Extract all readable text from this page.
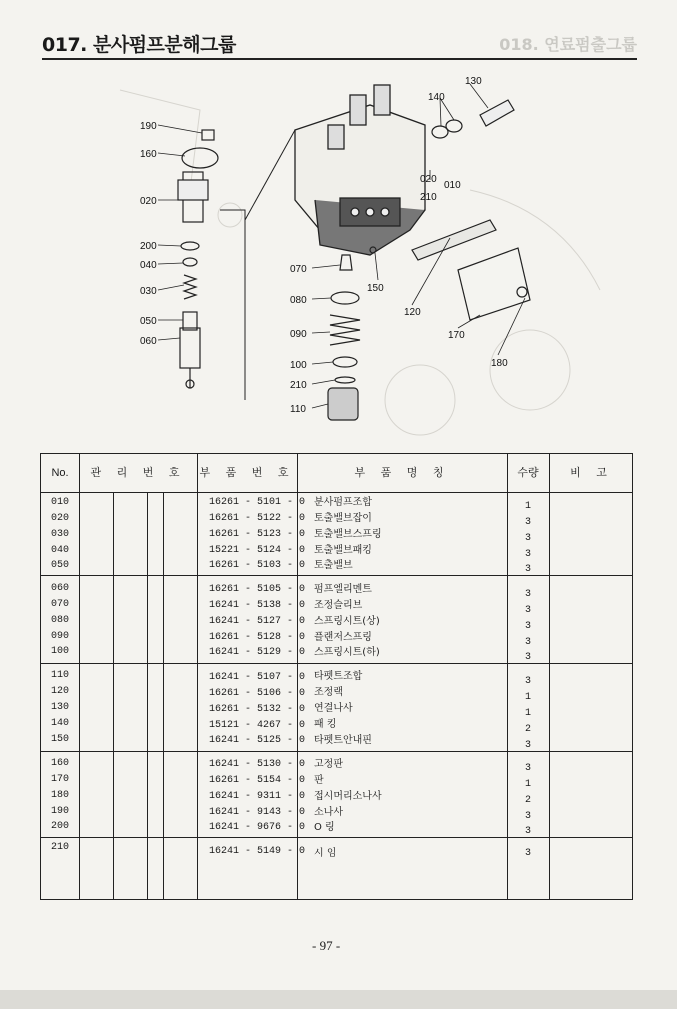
017. 분사펌프분해그룹	018. 연료펌출그룹
190
160
020
200
040
030
050
060
070
080
090
100
210
110
150
120
170
180
140
130
020
010
210
No.	관 리 번 호	부 품 번 호	부 품 명 칭	수량	비 고
010	16261 - 5101 - 0 분사펌프조합	1
020	16261 - 5122 - 0 토출밸브잡이	3
030	16261 - 5123 - 0 토출밸브스프링	3
040	15221 - 5124 - 0 토출밸브패킹	3
050	16261 - 5103 - 0 토출밸브	3
060	16261 - 5105 - 0 펌프엘리멘트	3
070	16241 - 5138 - 0 조정슬리브	3
080	16241 - 5127 - 0 스프링시트(상)	3
090	16261 - 5128 - 0 플랜저스프링	3
100	16241 - 5129 - 0 스프링시트(하)	3
110	16241 - 5107 - 0 타펫트조합	3
120	16261 - 5106 - 0 조정랙	1
130	16261 - 5132 - 0 연결나사	1
140	15121 - 4267 - 0 패 킹	2
150	16241 - 5125 - 0 타펫트안내핀	3
160	16241 - 5130 - 0 고정판	3
170	16261 - 5154 - 0 판	1
180	16241 - 9311 - 0 접시머리소나사	2
190	16241 - 9143 - 0 소나사	3
200	16241 - 9676 - 0 O 링	3
210	16241 - 5149 - 0 시 임	3
- 97 -
